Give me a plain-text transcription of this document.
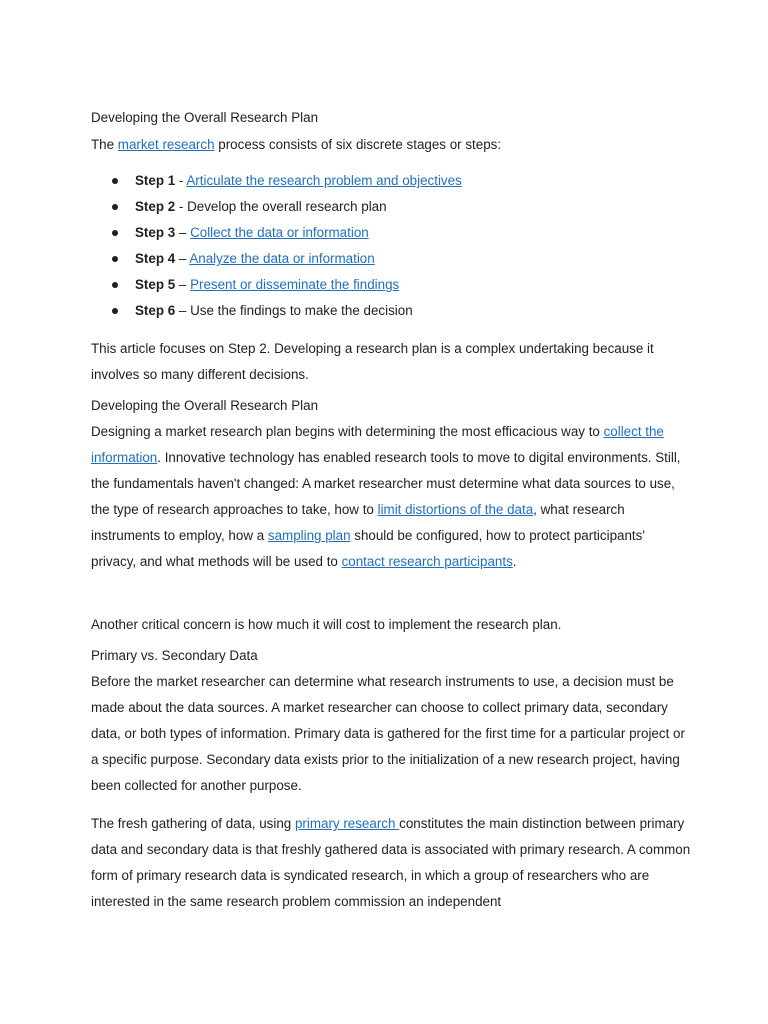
Developing the Overall Research Plan

The market research process consists of six discrete stages or steps:

Step 1 - Articulate the research problem and objectives
Step 2 - Develop the overall research plan
Step 3 – Collect the data or information
Step 4 – Analyze the data or information
Step 5 – Present or disseminate the findings
Step 6 – Use the findings to make the decision

This article focuses on Step 2. Developing a research plan is a complex undertaking because it involves so many different decisions.

Developing the Overall Research Plan

Designing a market research plan begins with determining the most efficacious way to collect the information. Innovative technology has enabled research tools to move to digital environments. Still, the fundamentals haven't changed: A market researcher must determine what data sources to use, the type of research approaches to take, how to limit distortions of the data, what research instruments to employ, how a sampling plan should be configured, how to protect participants' privacy, and what methods will be used to contact research participants.

Another critical concern is how much it will cost to implement the research plan.

Primary vs. Secondary Data

Before the market researcher can determine what research instruments to use, a decision must be made about the data sources. A market researcher can choose to collect primary data, secondary data, or both types of information. Primary data is gathered for the first time for a particular project or a specific purpose. Secondary data exists prior to the initialization of a new research project, having been collected for another purpose.

The fresh gathering of data, using primary research constitutes the main distinction between primary data and secondary data is that freshly gathered data is associated with primary research. A common form of primary research data is syndicated research, in which a group of researchers who are interested in the same research problem commission an independent
